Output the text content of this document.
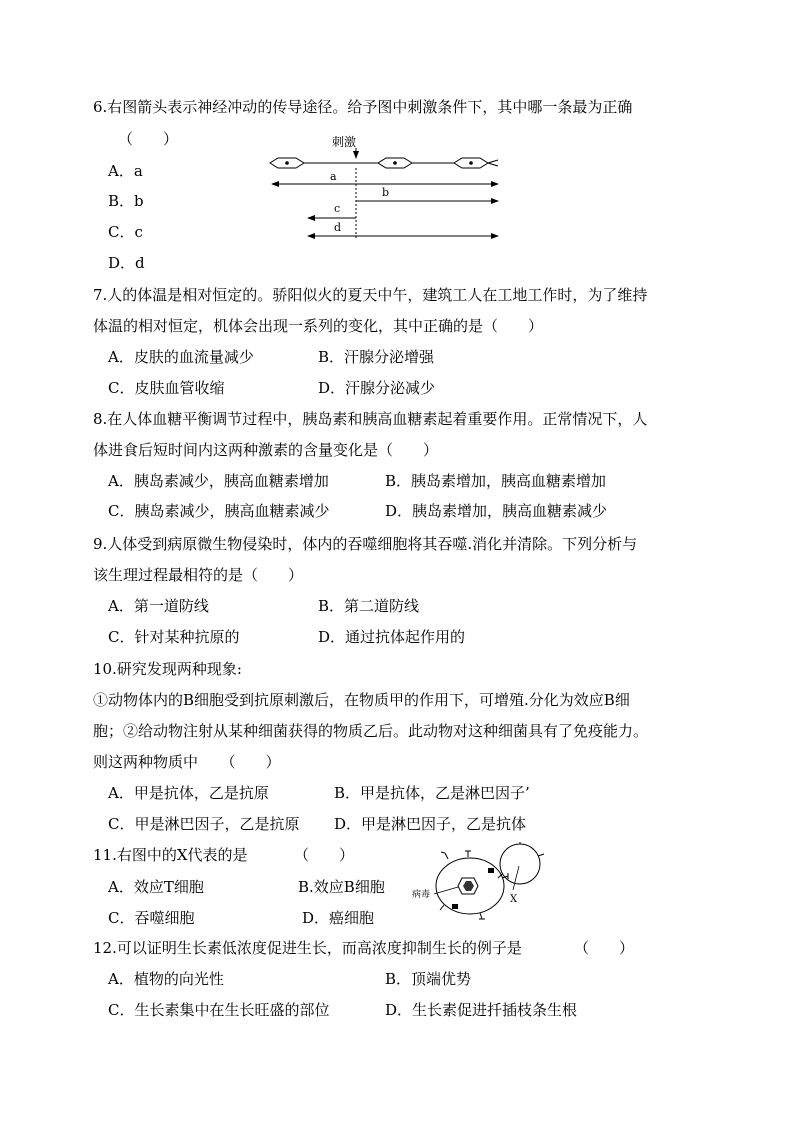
6.右图箭头表示神经冲动的传导途径。给予图中刺激条件下，其中哪一条最为正确
（　　）
A．a
B．b
C．c
D．d
刺激
a
b
c
d
7.人的体温是相对恒定的。骄阳似火的夏天中午，建筑工人在工地工作时，为了维持
体温的相对恒定，机体会出现一系列的变化，其中正确的是（　　）
A．皮肤的血流量减少	B．汗腺分泌增强
C．皮肤血管收缩	D．汗腺分泌减少
8.在人体血糖平衡调节过程中，胰岛素和胰高血糖素起着重要作用。正常情况下，人
体进食后短时间内这两种激素的含量变化是（　　）
A．胰岛素减少，胰高血糖素增加	B．胰岛素增加，胰高血糖素增加
C．胰岛素减少，胰高血糖素减少	D．胰岛素增加，胰高血糖素减少
9.人体受到病原微生物侵染时，体内的吞噬细胞将其吞噬.消化并清除。下列分析与
该生理过程最相符的是（　　）
A．第一道防线	B．第二道防线
C．针对某种抗原的	D．通过抗体起作用的
10.研究发现两种现象:
①动物体内的B细胞受到抗原刺激后，在物质甲的作用下，可增殖.分化为效应B细
胞；②给动物注射从某种细菌获得的物质乙后。此动物对这种细菌具有了免疫能力。
则这两种物质中　　（　　）
A．甲是抗体，乙是抗原	B．甲是抗体，乙是淋巴因子’
C．甲是淋巴因子，乙是抗原 D．甲是淋巴因子，乙是抗体
11.右图中的X代表的是	（　　）
A．效应T细胞	B.效应B细胞
C．吞噬细胞	D．癌细胞
病毒	X
12.可以证明生长素低浓度促进生长，而高浓度抑制生长的例子是	（　　）
A．植物的向光性	B．顶端优势
C．生长素集中在生长旺盛的部位	D．生长素促进扦插枝条生根
